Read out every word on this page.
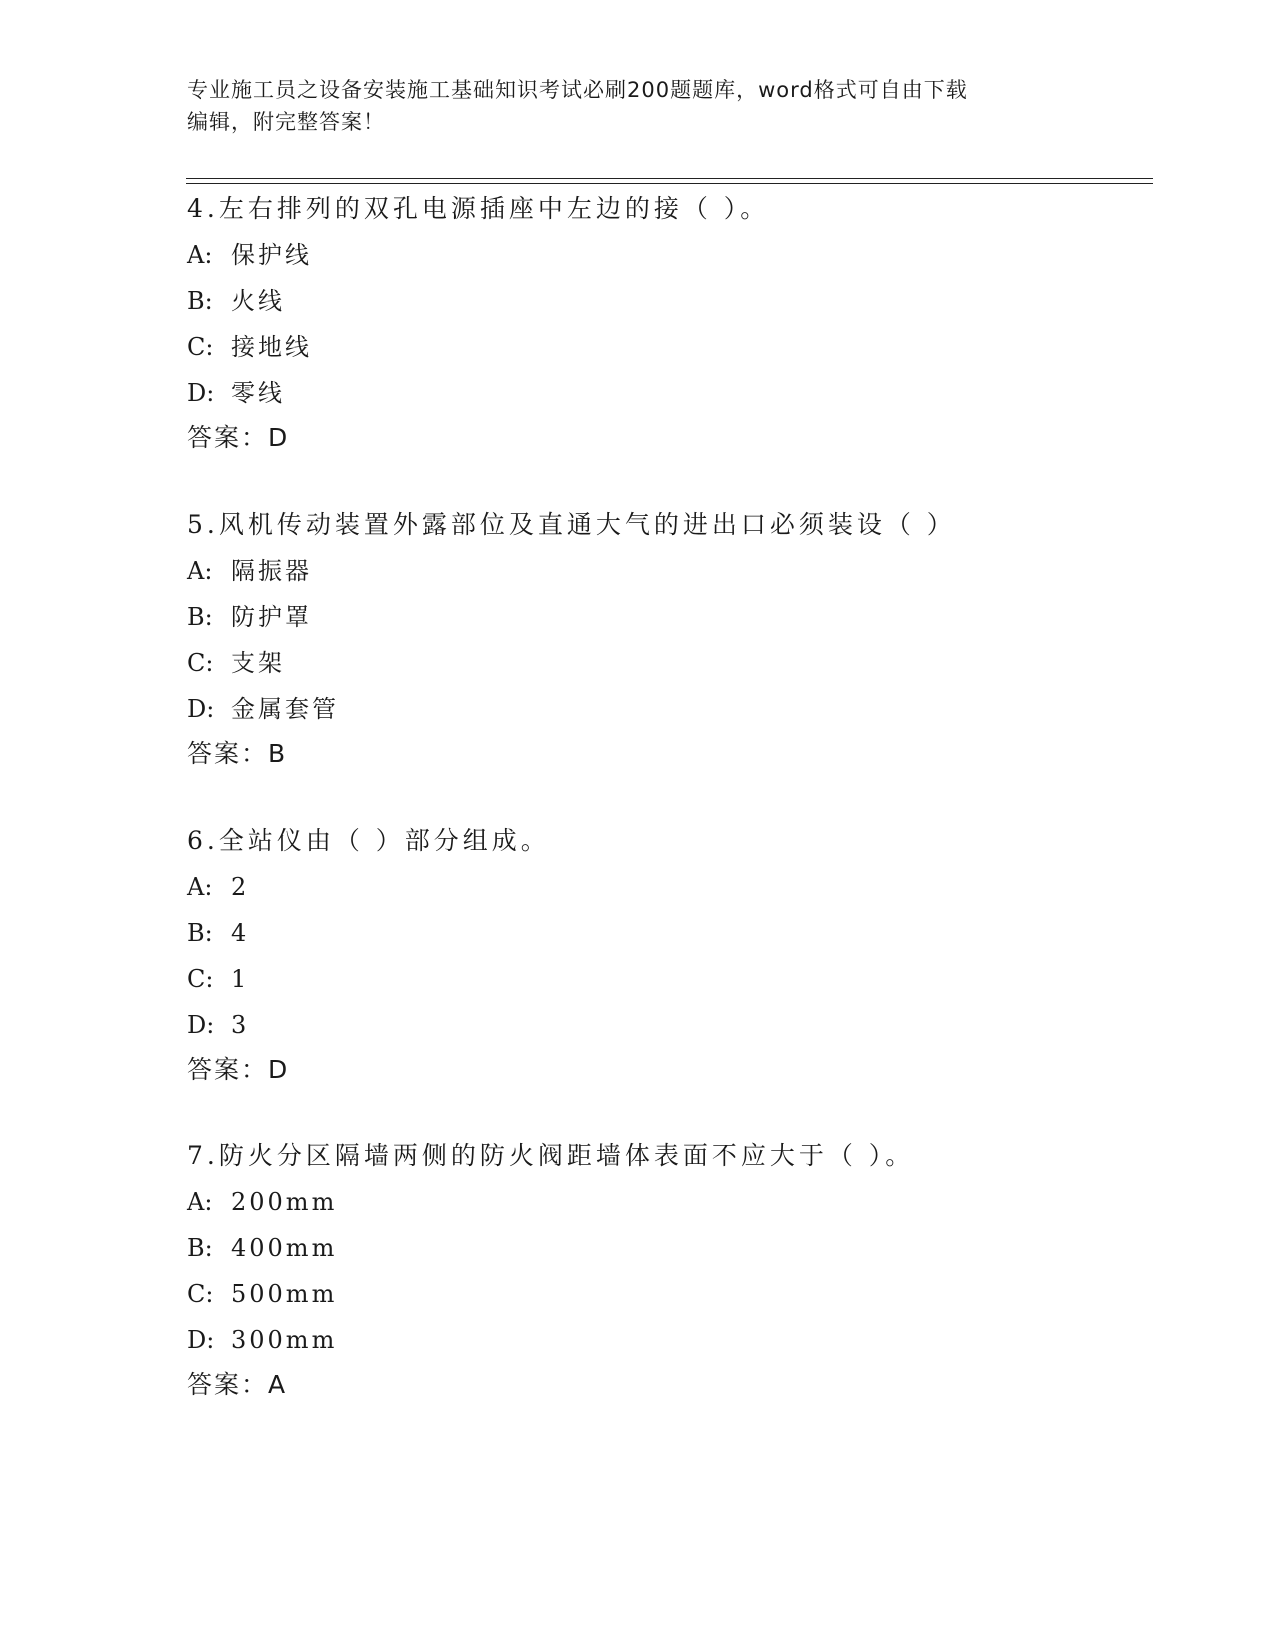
专业施工员之设备安装施工基础知识考试必刷200题题库，word格式可自由下载
编辑，附完整答案！
4.左右排列的双孔电源插座中左边的接（ ）。
A: 保护线
B: 火线
C: 接地线
D: 零线
答案：D
5.风机传动装置外露部位及直通大气的进出口必须装设（ ）
A: 隔振器
B: 防护罩
C: 支架
D: 金属套管
答案：B
6.全站仪由（ ）部分组成。
A: 2
B: 4
C: 1
D: 3
答案：D
7.防火分区隔墙两侧的防火阀距墙体表面不应大于（ ）。
A: 200mm
B: 400mm
C: 500mm
D: 300mm
答案：A
